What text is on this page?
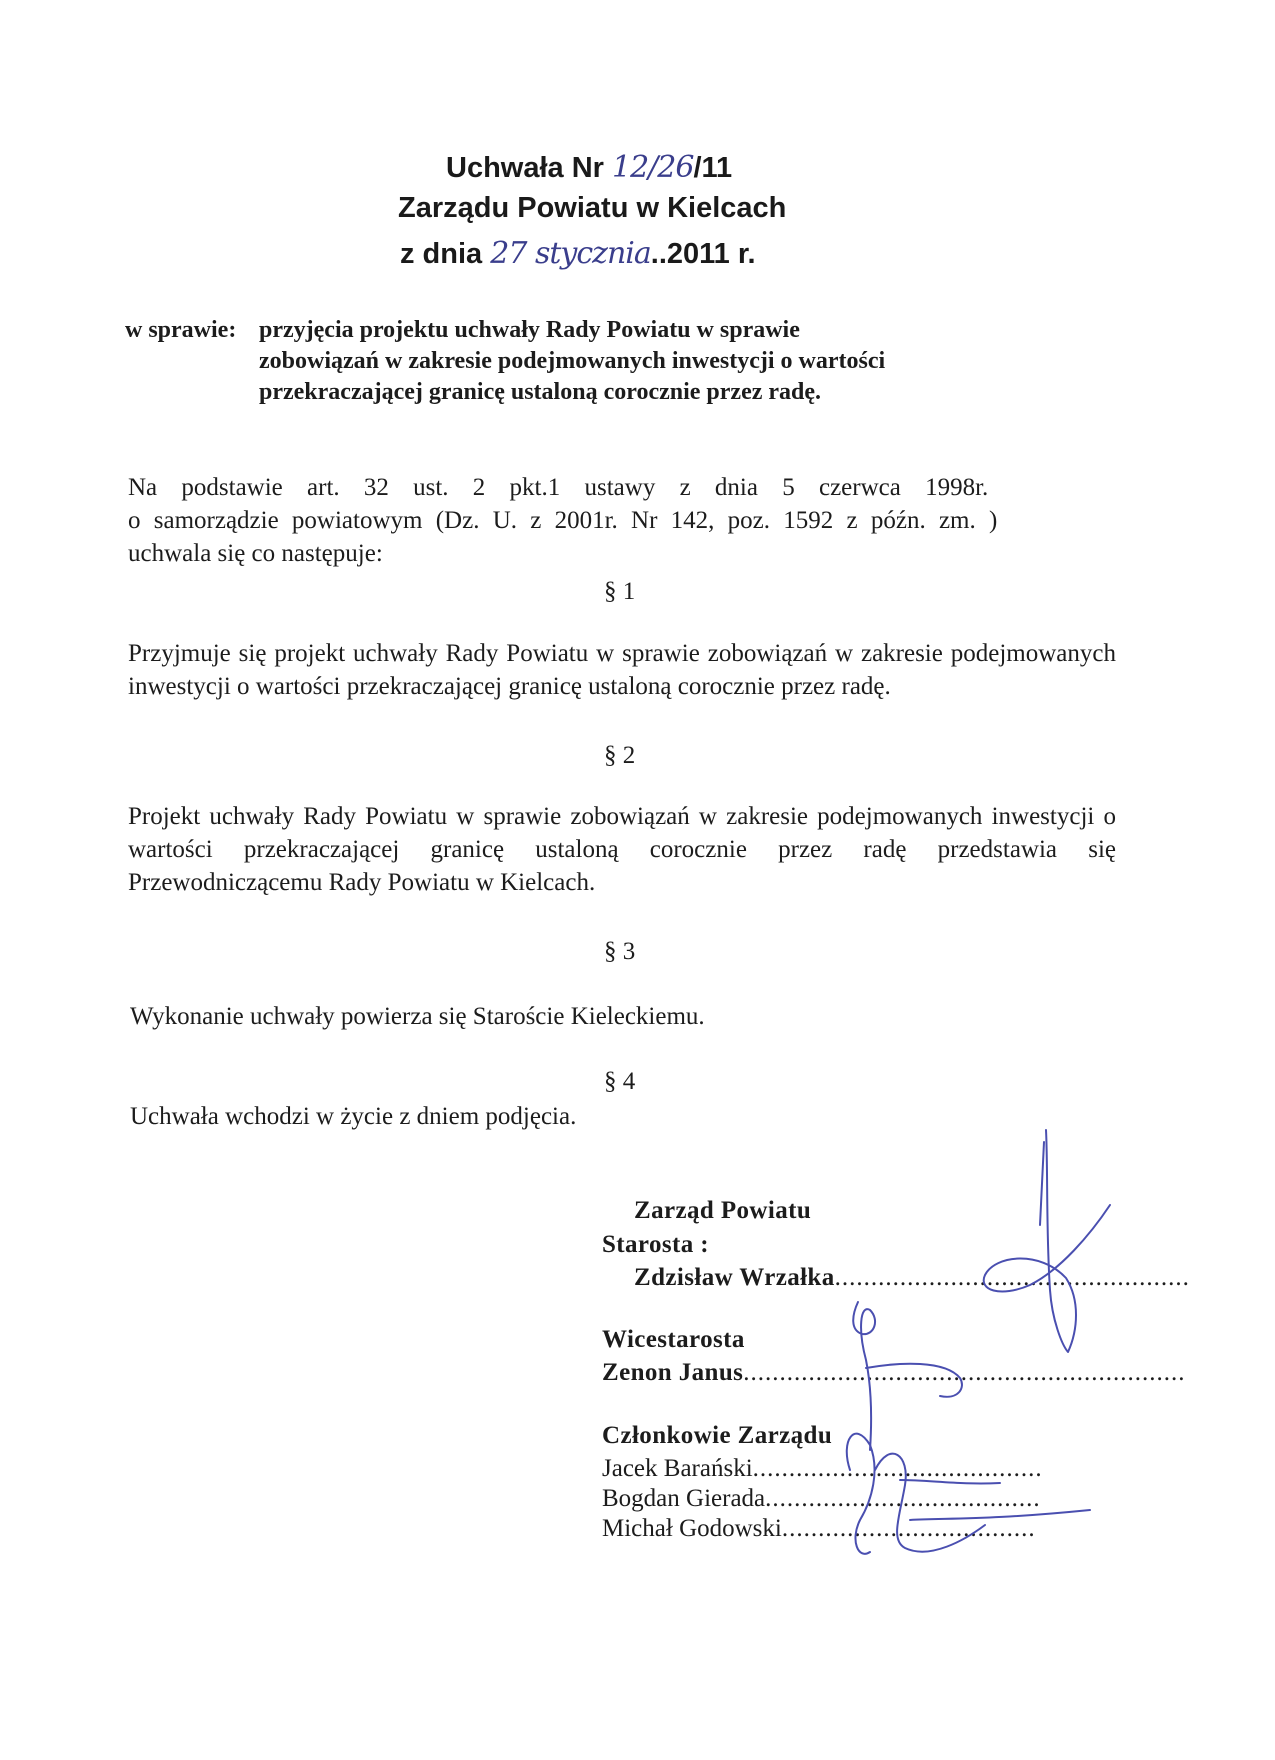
Uchwała Nr 12/26/11
Zarządu Powiatu w Kielcach
z dnia 27 stycznia..2011 r.
w sprawie: przyjęcia projektu uchwały Rady Powiatu w sprawie
zobowiązań w zakresie podejmowanych inwestycji o wartości
przekraczającej granicę ustaloną corocznie przez radę.
Na podstawie art. 32 ust. 2 pkt.1 ustawy z dnia 5 czerwca 1998r.
o samorządzie powiatowym (Dz. U. z 2001r. Nr 142, poz. 1592 z późn. zm. )
uchwala się co następuje:
§ 1
Przyjmuje się projekt uchwały Rady Powiatu w sprawie zobowiązań w zakresie podejmowanych inwestycji o wartości przekraczającej granicę ustaloną corocznie przez radę.
§ 2
Projekt uchwały Rady Powiatu w sprawie zobowiązań w zakresie podejmowanych inwestycji o wartości przekraczającej granicę ustaloną corocznie przez radę przedstawia się Przewodniczącemu Rady Powiatu w Kielcach.
§ 3
Wykonanie uchwały powierza się Staroście Kieleckiemu.
§ 4
Uchwała wchodzi w życie z dniem podjęcia.
Zarząd Powiatu
Starosta :
Zdzisław Wrzałka.................................................
Wicestarosta
Zenon Janus.............................................................
Członkowie Zarządu
Jacek Barański........................................
Bogdan Gierada......................................
Michał Godowski...................................
